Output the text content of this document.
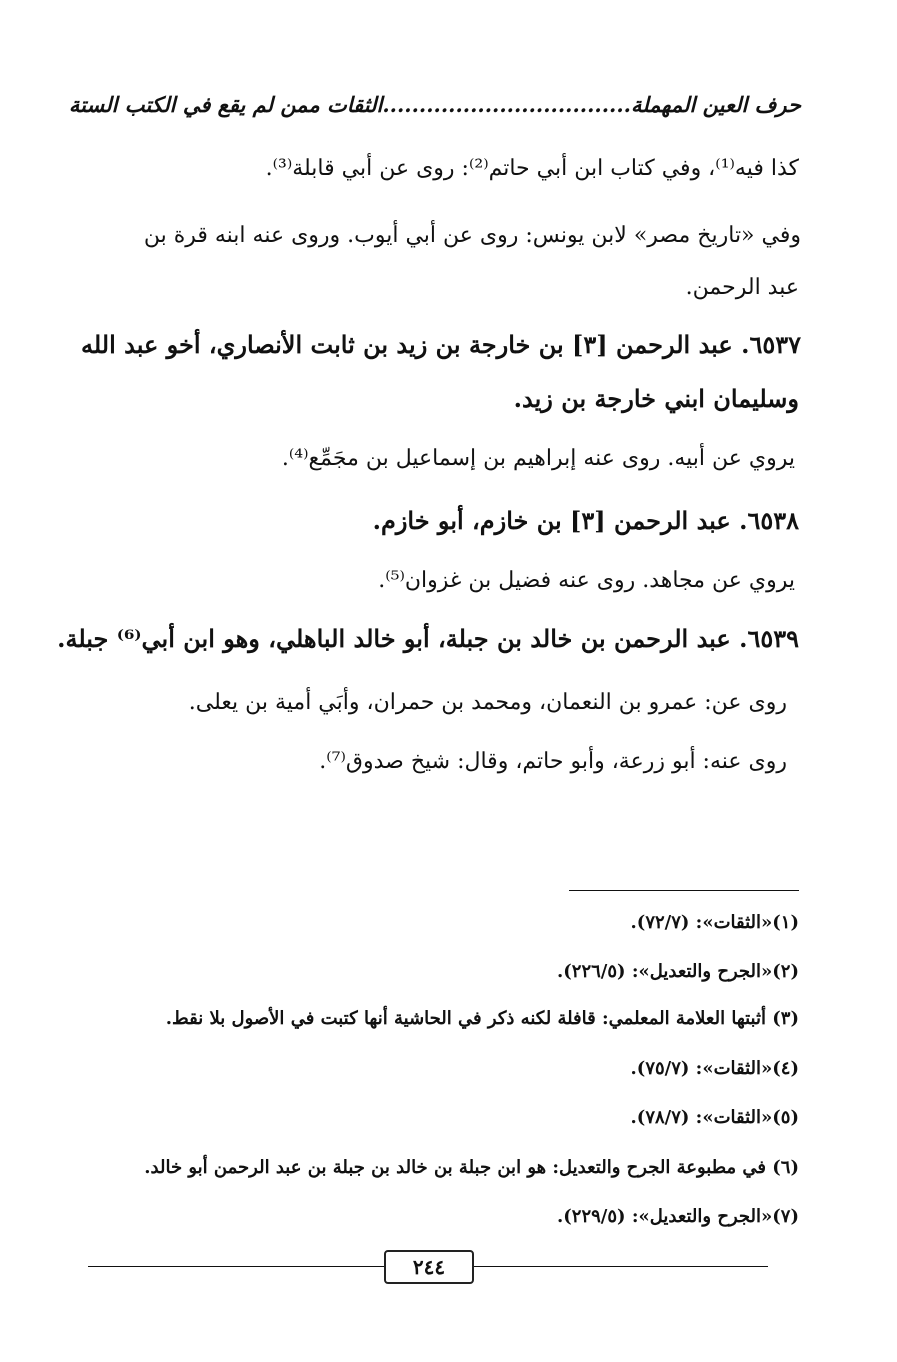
حرف العين المهملة..................................الثقات ممن لم يقع في الكتب الستة
كذا فيه⁽¹⁾، وفي كتاب ابن أبي حاتم⁽²⁾: روى عن أبي قابلة⁽³⁾.
وفي «تاريخ مصر» لابن يونس: روى عن أبي أيوب. وروى عنه ابنه قرة بن
عبد الرحمن.
٦٥٣٧. عبد الرحمن [٣] بن خارجة بن زيد بن ثابت الأنصاري، أخو عبد الله
وسليمان ابني خارجة بن زيد.
يروي عن أبيه. روى عنه إبراهيم بن إسماعيل بن مجَمِّع⁽⁴⁾.
٦٥٣٨. عبد الرحمن [٣] بن خازم، أبو خازم.
يروي عن مجاهد. روى عنه فضيل بن غزوان⁽⁵⁾.
٦٥٣٩. عبد الرحمن بن خالد بن جبلة، أبو خالد الباهلي، وهو ابن أبي⁽⁶⁾ جبلة.
روى عن: عمرو بن النعمان، ومحمد بن حمران، وأبَي أمية بن يعلى.
روى عنه: أبو زرعة، وأبو حاتم، وقال: شيخ صدوق⁽⁷⁾.
(١)«الثقات»: (٧٢/٧).
(٢)«الجرح والتعديل»: (٢٢٦/٥).
(٣) أثبتها العلامة المعلمي: قافلة لكنه ذكر في الحاشية أنها كتبت في الأصول بلا نقط.
(٤)«الثقات»: (٧٥/٧).
(٥)«الثقات»: (٧٨/٧).
(٦) في مطبوعة الجرح والتعديل: هو ابن جبلة بن خالد بن جبلة بن عبد الرحمن أبو خالد.
(٧)«الجرح والتعديل»: (٢٢٩/٥).
٢٤٤
